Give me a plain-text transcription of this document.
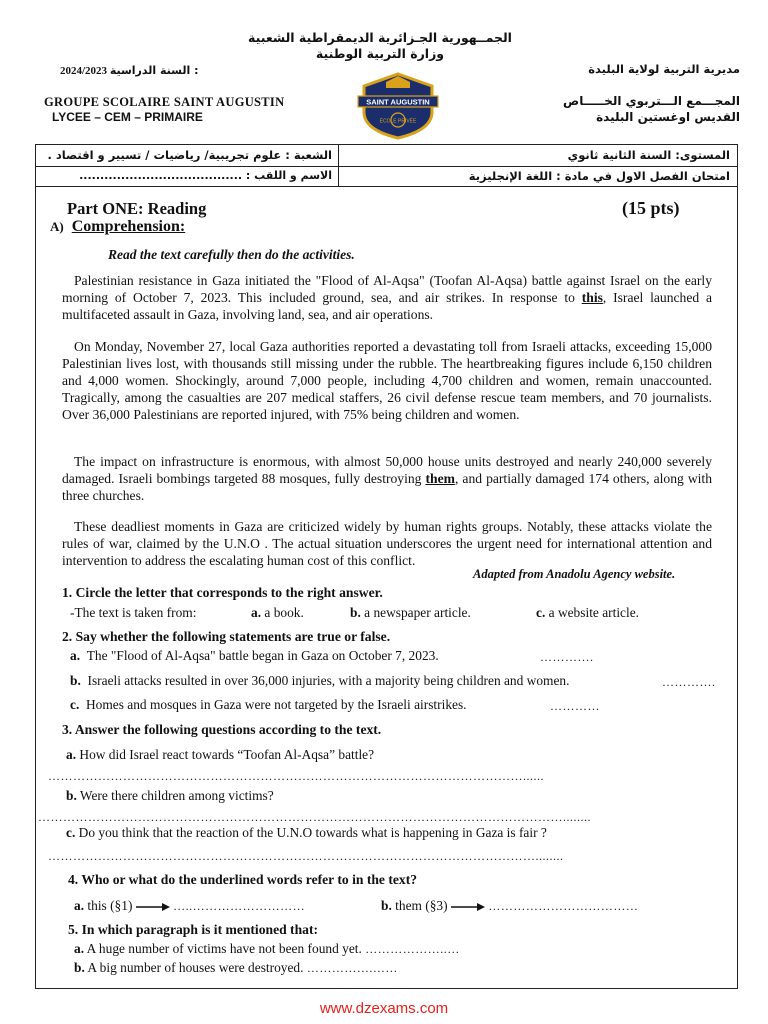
الجمــهورية الجـزائرية الديمقراطية الشعبية
وزارة التربية الوطنية
2024/2023 السنة الدراسية :	مديرية التربية لولاية البليدة
GROUPE SCOLAIRE SAINT AUGUSTIN
LYCEE – CEM – PRIMAIRE
SAINT AUGUSTIN
ÉCOLE PRIVÉE
المجـــمع الـــتربوي الخـــــاص
القديس اوغستين البليدة
الشعبة : علوم تجريبية/ رياضيات / تسيير و اقتصاد .	المستوى: السنة الثانية ثانوي
الاسم و اللقب : .......................................	امتحان الفصل الاول في مادة : اللغة الإنجليزية
Part ONE: Reading	(15 pts)
A) Comprehension:
Read the text carefully then do the activities.
Palestinian resistance in Gaza initiated the "Flood of Al-Aqsa" (Toofan Al-Aqsa) battle against Israel on the early morning of October 7, 2023. This included ground, sea, and air strikes. In response to this, Israel launched a multifaceted assault in Gaza, involving land, sea, and air operations.
On Monday, November 27, local Gaza authorities reported a devastating toll from Israeli attacks, exceeding 15,000 Palestinian lives lost, with thousands still missing under the rubble. The heartbreaking figures include 6,150 children and 4,000 women. Shockingly, around 7,000 people, including 4,700 children and women, remain unaccounted. Tragically, among the casualties are 207 medical staffers, 26 civil defense rescue team members, and 70 journalists. Over 36,000 Palestinians are reported injured, with 75% being children and women.
The impact on infrastructure is enormous, with almost 50,000 house units destroyed and nearly 240,000 severely damaged. Israeli bombings targeted 88 mosques, fully destroying them, and partially damaged 174 others, along with three churches.
These deadliest moments in Gaza are criticized widely by human rights groups. Notably, these attacks violate the rules of war, claimed by the U.N.O . The actual situation underscores the urgent need for international attention and intervention to address the escalating human cost of this conflict.
Adapted from Anadolu Agency website.
1. Circle the letter that corresponds to the right answer.
-The text is taken from:	a. a book.	b. a newspaper article.	c. a website article.
2. Say whether the following statements are true or false.
a. The "Flood of Al-Aqsa" battle began in Gaza on October 7, 2023.	………….
b. Israeli attacks resulted in over 36,000 injuries, with a majority being children and women.	………….
c. Homes and mosques in Gaza were not targeted by the Israeli airstrikes.	…………
3. Answer the following questions according to the text.
a. How did Israel react towards “Toofan Al-Aqsa” battle?
……………………………………………………………………………………………………......
b. Were there children among victims?
………………………………………………………………………………………………………………........
c. Do you think that the reaction of the U.N.O towards what is happening in Gaza is fair ?
………………………………………………………………………………………………………........
4. Who or what do the underlined words refer to in the text?
a. this (§1)	…..………………………	b. them (§3)	………………………………
5. In which paragraph is it mentioned that:
a. A huge number of victims have not been found yet. ………………..…
b. A big number of houses were destroyed. …………….……
www.dzexams.com
